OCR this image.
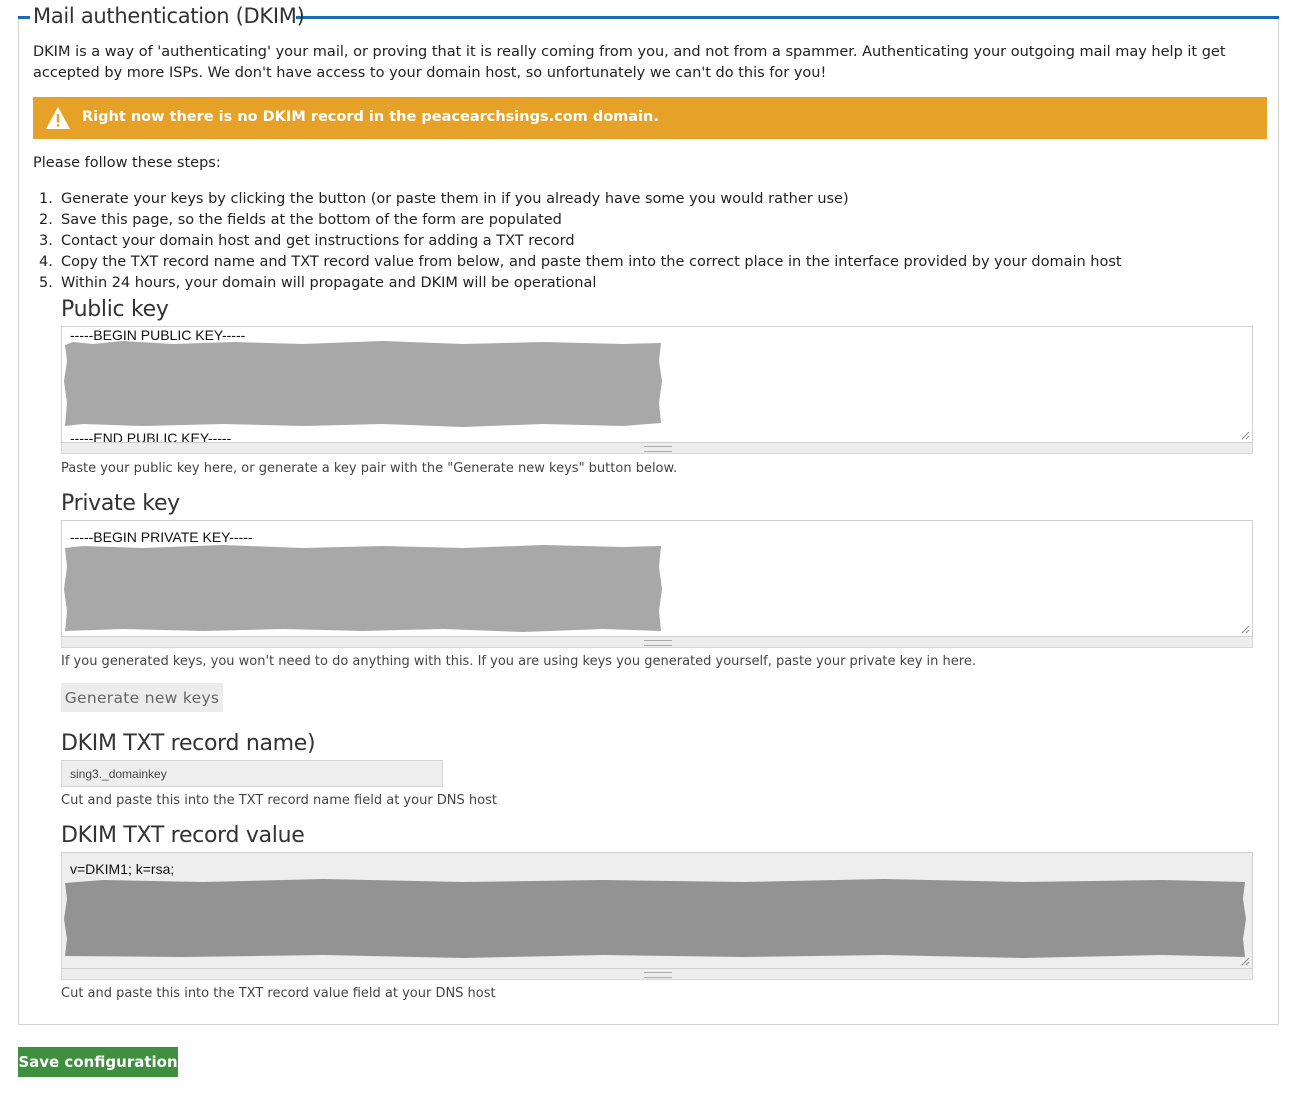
Mail authentication (DKIM)
DKIM is a way of 'authenticating' your mail, or proving that it is really coming from you, and not from a spammer. Authenticating your outgoing mail may help it get accepted by more ISPs. We don't have access to your domain host, so unfortunately we can't do this for you!
Right now there is no DKIM record in the peacearchsings.com domain.
Please follow these steps:
1. Generate your keys by clicking the button (or paste them in if you already have some you would rather use)
2. Save this page, so the fields at the bottom of the form are populated
3. Contact your domain host and get instructions for adding a TXT record
4. Copy the TXT record name and TXT record value from below, and paste them into the correct place in the interface provided by your domain host
5. Within 24 hours, your domain will propagate and DKIM will be operational
Public key
-----BEGIN PUBLIC KEY-----
-----END PUBLIC KEY-----
Paste your public key here, or generate a key pair with the "Generate new keys" button below.
Private key
-----BEGIN PRIVATE KEY-----
If you generated keys, you won't need to do anything with this. If you are using keys you generated yourself, paste your private key in here.
Generate new keys
DKIM TXT record name)
sing3._domainkey
Cut and paste this into the TXT record name field at your DNS host
DKIM TXT record value
v=DKIM1; k=rsa;
Cut and paste this into the TXT record value field at your DNS host
Save configuration
